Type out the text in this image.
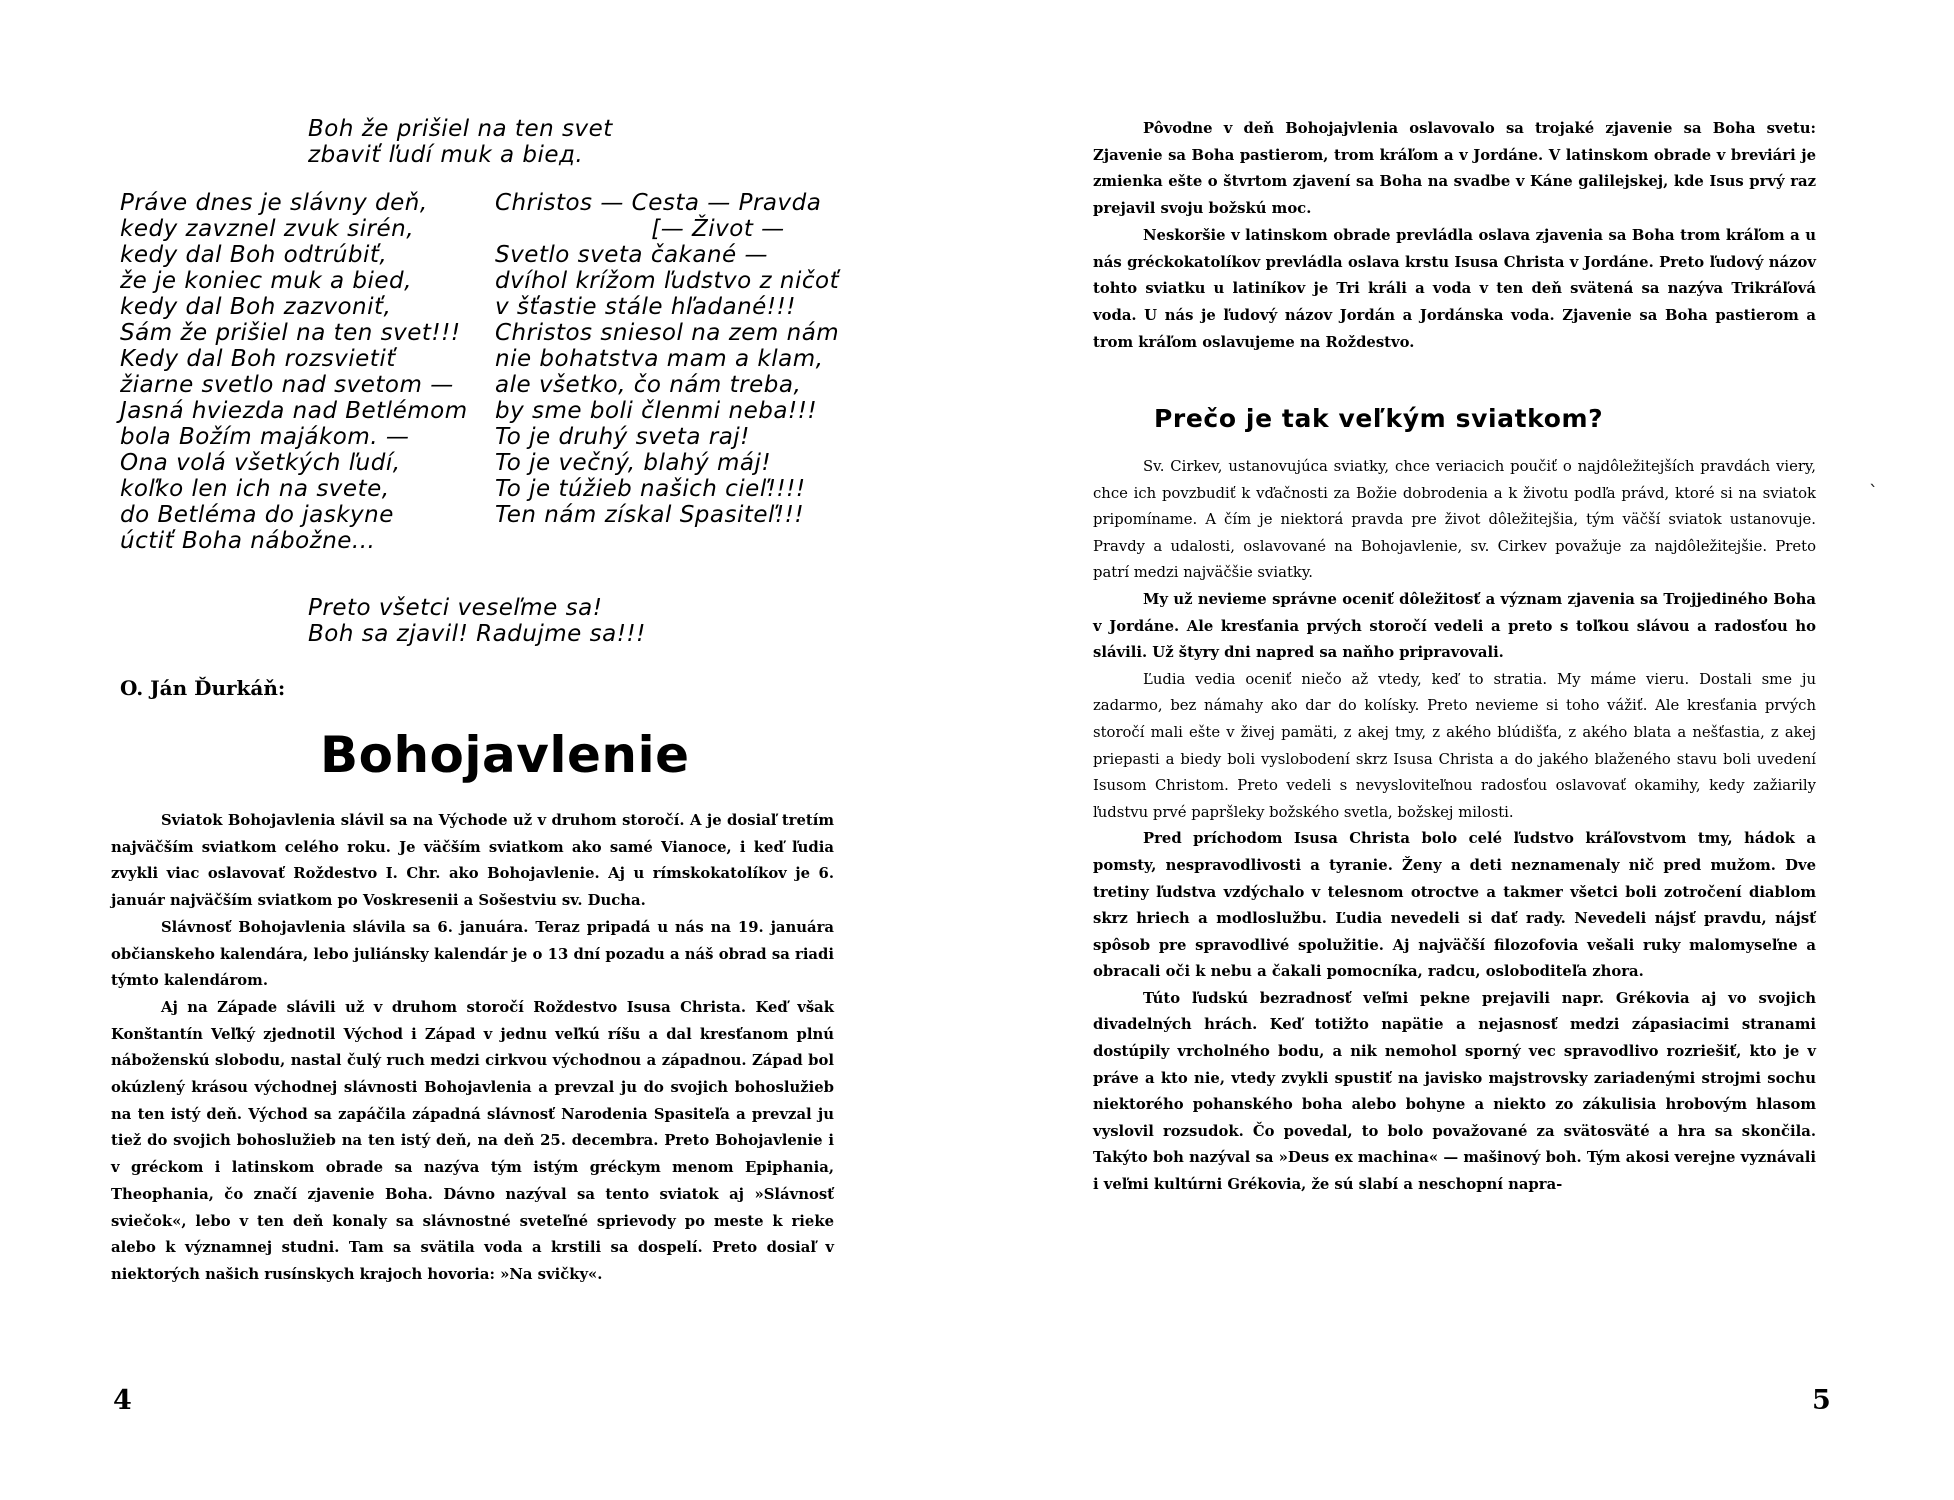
Boh že prišiel na ten svet
zbaviť ľudí muk a biед.
Práve dnes je slávny deň,
kedy zavznel zvuk sirén,
kedy dal Boh odtrúbiť,
že je koniec muk a bied,
kedy dal Boh zazvoniť,
Sám že prišiel na ten svet!!!
Kedy dal Boh rozsvietiť
žiarne svetlo nad svetom —
Jasná hviezda nad Betlémom
bola Božím majákom. —
Ona volá všetkých ľudí,
koľko len ich na svete,
do Betléma do jaskyne
úctiť Boha nábožne...
Christos — Cesta — Pravda
[— Život —
Svetlo sveta čakané —
dvíhol krížom ľudstvo z ničoť
v šťastie stále hľadané!!!
Christos sniesol na zem nám
nie bohatstva mam a klam,
ale všetko, čo nám treba,
by sme boli členmi neba!!!
To je druhý sveta raj!
To je večný, blahý máj!
To je túžieb našich cieľ!!!!
Ten nám získal Spasiteľ!!!
Preto všetci veseľme sa!
Boh sa zjavil! Radujme sa!!!
O. Ján Ďurkáň:
Bohojavlenie

Sviatok Bohojavlenia slávil sa na Východe už v druhom storočí. A je dosiaľ tretím najväčším sviatkom celého roku. Je väčším sviatkom ako samé Vianoce, i keď ľudia zvykli viac oslavovať Roždestvo I. Chr. ako Bohojavlenie. Aj u rímskokatolíkov je 6. január najväčším sviatkom po Voskresenii a Sošestviu sv. Ducha.

Slávnosť Bohojavlenia slávila sa 6. januára. Teraz pripadá u nás na 19. januára občianskeho kalendára, lebo juliánsky kalendár je o 13 dní pozadu a náš obrad sa riadi týmto kalendárom.

Aj na Západe slávili už v druhom storočí Roždestvo Isusa Christa. Keď však Konštantín Veľký zjednotil Východ i Západ v jednu veľkú ríšu a dal kresťanom plnú náboženskú slobodu, nastal čulý ruch medzi cirkvou východnou a západnou. Západ bol okúzlený krásou východnej slávnosti Bohojavlenia a prevzal ju do svojich bohoslužieb na ten istý deň. Východ sa zapáčila západná slávnosť Narodenia Spasiteľa a prevzal ju tiež do svojich bohoslužieb na ten istý deň, na deň 25. decembra. Preto Bohojavlenie i v gréckom i latinskom obrade sa nazýva tým istým gréckym menom Epiphania, Theophania, čo značí zjavenie Boha. Dávno nazýval sa tento sviatok aj »Slávnosť sviečok«, lebo v ten deň konaly sa slávnostné sveteľné sprievody po meste k rieke alebo k významnej studni. Tam sa svätila voda a krstili sa dospelí. Preto dosiaľ v niektorých našich rusínskych krajoch hovoria: »Na svičky«.

4

Pôvodne v deň Bohojajvlenia oslavovalo sa trojaké zjavenie sa Boha svetu: Zjavenie sa Boha pastierom, trom kráľom a v Jordáne. V latinskom obrade v breviári je zmienka ešte o štvrtom zjavení sa Boha na svadbe v Káne galilejskej, kde Isus prvý raz prejavil svoju božskú moc.

Neskoršie v latinskom obrade prevládla oslava zjavenia sa Boha trom kráľom a u nás gréckokatolíkov prevládla oslava krstu Isusa Christa v Jordáne. Preto ľudový názov tohto sviatku u latiníkov je Tri králi a voda v ten deň svätená sa nazýva Trikráľová voda. U nás je ľudový názov Jordán a Jordánska voda. Zjavenie sa Boha pastierom a trom kráľom oslavujeme na Roždestvo.

Prečo je tak veľkým sviatkom?
`

Sv. Cirkev, ustanovujúca sviatky, chce veriacich poučiť o najdôležitejších pravdách viery, chce ich povzbudiť k vďačnosti za Božie dobrodenia a k životu podľa právd, ktoré si na sviatok pripomíname. A čím je niektorá pravda pre život dôležitejšia, tým väčší sviatok ustanovuje. Pravdy a udalosti, oslavované na Bohojavlenie, sv. Cirkev považuje za najdôležitejšie. Preto patrí medzi najväčšie sviatky.

My už nevieme správne oceniť dôležitosť a význam zjavenia sa Trojjediného Boha v Jordáne. Ale kresťania prvých storočí vedeli a preto s toľkou slávou a radosťou ho slávili. Už štyry dni napred sa naňho pripravovali.

Ľudia vedia oceniť niečo až vtedy, keď to stratia. My máme vieru. Dostali sme ju zadarmo, bez námahy ako dar do kolísky. Preto nevieme si toho vážiť. Ale kresťania prvých storočí mali ešte v živej pamäti, z akej tmy, z akého blúdišťa, z akého blata a nešťastia, z akej priepasti a biedy boli vyslobodení skrz Isusa Christa a do jakého blaženého stavu boli uvedení Isusom Christom. Preto vedeli s nevysloviteľnou radosťou oslavovať okamihy, kedy zažiarily ľudstvu prvé papršleky božského svetla, božskej milosti.

Pred príchodom Isusa Christa bolo celé ľudstvo kráľovstvom tmy, hádok a pomsty, nespravodlivosti a tyranie. Ženy a deti neznamenaly nič pred mužom. Dve tretiny ľudstva vzdýchalo v telesnom otroctve a takmer všetci boli zotročení diablom skrz hriech a modloslužbu. Ľudia nevedeli si dať rady. Nevedeli nájsť pravdu, nájsť spôsob pre spravodlivé spolužitie. Aj najväčší filozofovia vešali ruky malomyseľne a obracali oči k nebu a čakali pomocníka, radcu, osloboditeľa zhora.

Túto ľudskú bezradnosť veľmi pekne prejavili napr. Grékovia aj vo svojich divadelných hrách. Keď totižto napätie a nejasnosť medzi zápasiacimi stranami dostúpily vrcholného bodu, a nik nemohol sporný vec spravodlivo rozriešiť, kto je v práve a kto nie, vtedy zvykli spustiť na javisko majstrovsky zariadenými strojmi sochu niektorého pohanského boha alebo bohyne a niekto zo zákulisia hrobovým hlasom vyslovil rozsudok. Čo povedal, to bolo považované za svätosväté a hra sa skončila. Takýto boh nazýval sa »Deus ex machina« — mašinový boh. Tým akosi verejne vyznávali i veľmi kultúrni Grékovia, že sú slabí a neschopní napra-

5
